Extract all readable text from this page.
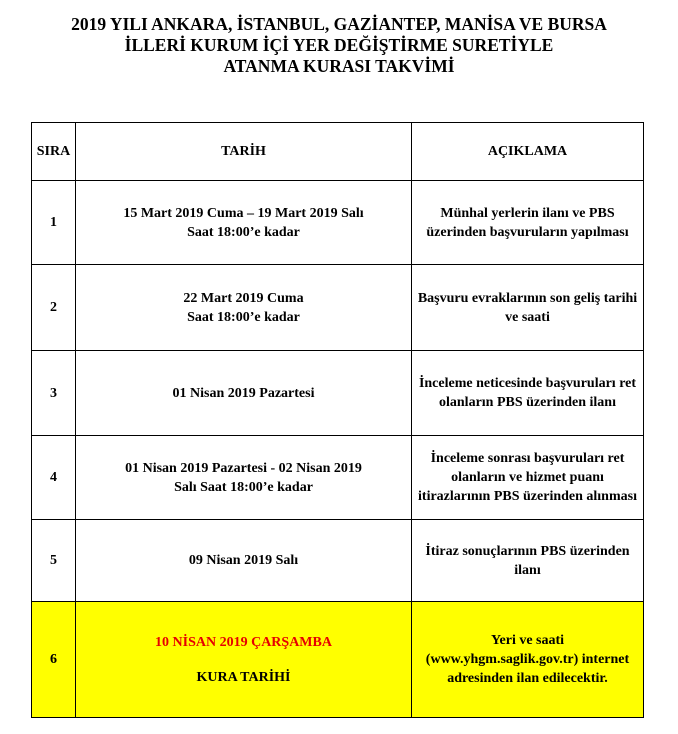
2019 YILI ANKARA, İSTANBUL, GAZİANTEP, MANİSA VE BURSA
İLLERİ KURUM İÇİ YER DEĞİŞTİRME SURETİYLE
ATANMA KURASI TAKVİMİ
SIRA	TARİH	AÇIKLAMA
1	15 Mart 2019 Cuma – 19 Mart 2019 Salı
Saat 18:00’e kadar	Münhal yerlerin ilanı ve PBS
üzerinden başvuruların yapılması

2	22 Mart 2019 Cuma
Saat 18:00’e kadar	Başvuru evraklarının son geliş tarihi
ve saati

3	01 Nisan 2019 Pazartesi	İnceleme neticesinde başvuruları ret
olanların PBS üzerinden ilanı

4	01 Nisan 2019 Pazartesi - 02 Nisan 2019
Salı Saat 18:00’e kadar	İnceleme sonrası başvuruları ret
olanların ve hizmet puanı
itirazlarının PBS üzerinden alınması

5	09 Nisan 2019 Salı	İtiraz sonuçlarının PBS üzerinden
ilanı

6	10 NİSAN 2019 ÇARŞAMBA
KURA TARİHİ	Yeri ve saati
(www.yhgm.saglik.gov.tr) internet
adresinden ilan edilecektir.
